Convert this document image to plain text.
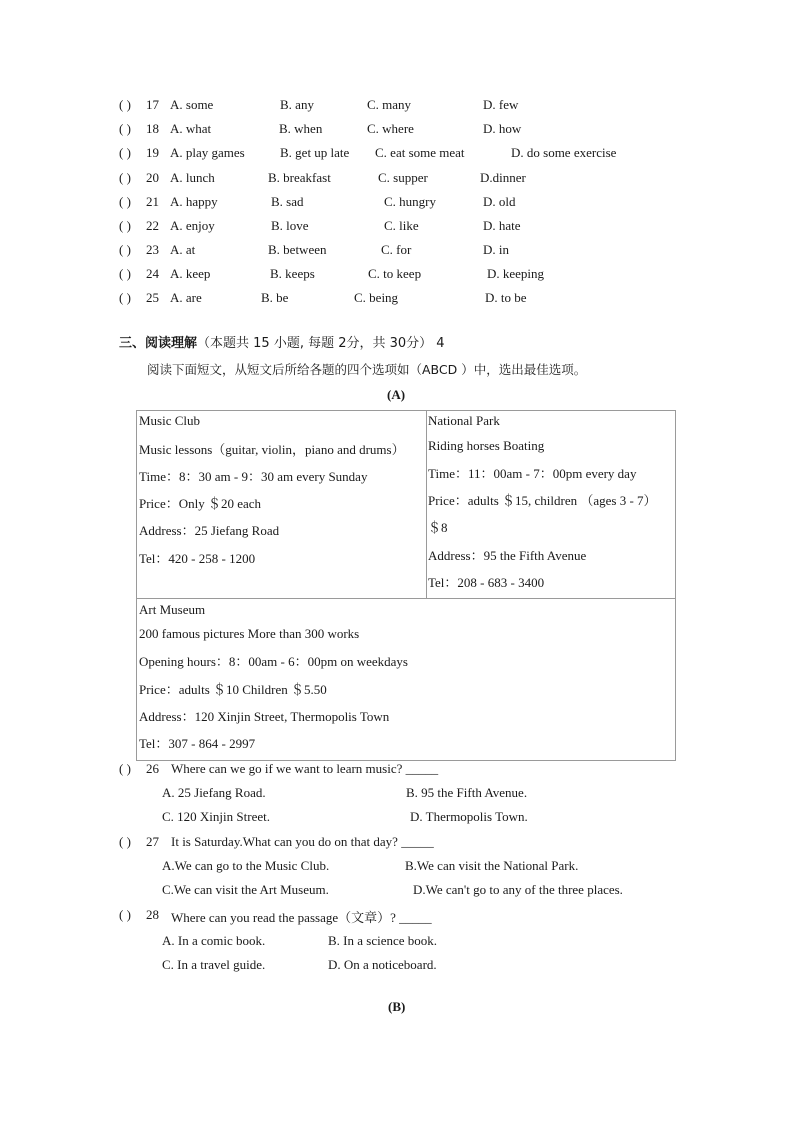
( ) 17 A. some	B. any	C. many	D. few
( ) 18 A. what	B. when	C. where	D. how
( ) 19 A. play games	B. get up late C. eat some meat	D. do some exercise
( ) 20 A. lunch	B. breakfast	C. supper	D.dinner
( ) 21 A. happy	B. sad	C. hungry	D. old
( ) 22 A. enjoy	B. love	C. like	D. hate
( ) 23 A. at	B. between	C. for	D. in
( ) 24 A. keep	B. keeps	C. to keep	D. keeping
( ) 25 A. are	B. be	C. being	D. to be
三、阅读理解（本题共 15 小题, 每题 2分，共 30分） 4
阅读下面短文，从短文后所给各题的四个选项如（ABCD ）中，选出最佳选项。
(A)
Music Club
Music lessons（guitar, violin，piano and drums）
Time：8：30 am - 9：30 am every Sunday
Price：Only ＄20 each
Address：25 Jiefang Road
Tel：420 - 258 - 1200
National Park
Riding horses Boating
Time：11：00am - 7：00pm every day
Price：adults ＄15, children （ages 3 - 7）
＄8
Address：95 the Fifth Avenue
Tel：208 - 683 - 3400
Art Museum
200 famous pictures More than 300 works
Opening hours：8：00am - 6：00pm on weekdays
Price：adults ＄10 Children ＄5.50
Address：120 Xinjin Street, Thermopolis Town
Tel：307 - 864 - 2997
( ) 26 Where can we go if we want to learn music? _____
A. 25 Jiefang Road.	B. 95 the Fifth Avenue.
C. 120 Xinjin Street.	D. Thermopolis Town.
( ) 27 It is Saturday.What can you do on that day? _____
A.We can go to the Music Club.	B.We can visit the National Park.
C.We can visit the Art Museum.	D.We can't go to any of the three places.
( ) 28 Where can you read the passage（文章）? _____
A. In a comic book.	B. In a science book.
C. In a travel guide.	D. On a noticeboard.
(B)
